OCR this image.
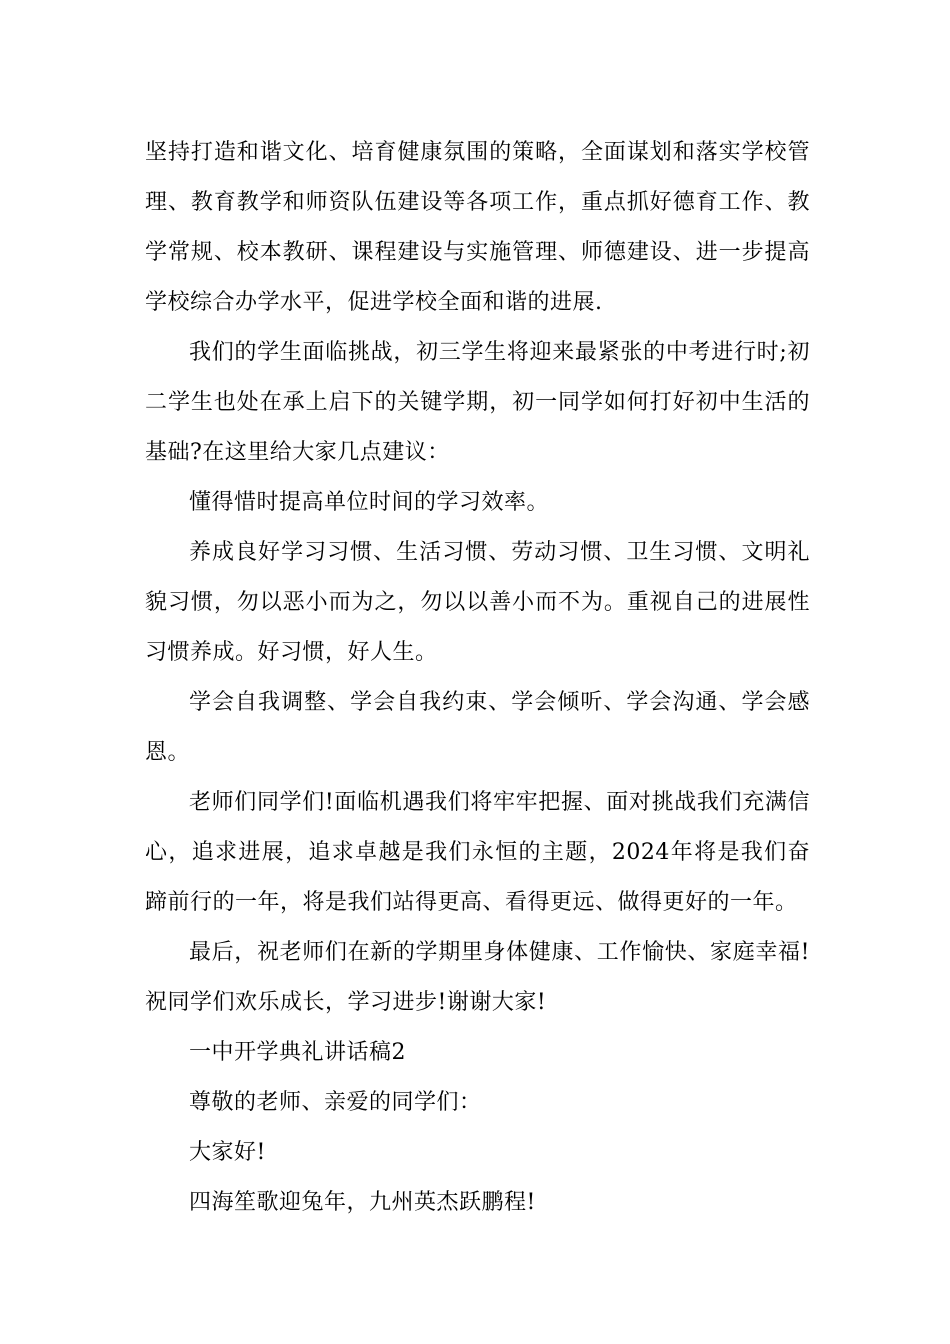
坚持打造和谐文化、培育健康氛围的策略，全面谋划和落实学校管理、教育教学和师资队伍建设等各项工作，重点抓好德育工作、教学常规、校本教研、课程建设与实施管理、师德建设、进一步提高学校综合办学水平，促进学校全面和谐的进展.

我们的学生面临挑战，初三学生将迎来最紧张的中考进行时;初二学生也处在承上启下的关键学期，初一同学如何打好初中生活的基础?在这里给大家几点建议：

懂得惜时提高单位时间的学习效率。

养成良好学习习惯、生活习惯、劳动习惯、卫生习惯、文明礼貌习惯，勿以恶小而为之，勿以以善小而不为。重视自己的进展性习惯养成。好习惯，好人生。

学会自我调整、学会自我约束、学会倾听、学会沟通、学会感恩。

老师们同学们!面临机遇我们将牢牢把握、面对挑战我们充满信心，追求进展，追求卓越是我们永恒的主题，2024年将是我们奋蹄前行的一年，将是我们站得更高、看得更远、做得更好的一年。

最后，祝老师们在新的学期里身体健康、工作愉快、家庭幸福!祝同学们欢乐成长，学习进步!谢谢大家!

一中开学典礼讲话稿2

尊敬的老师、亲爱的同学们：

大家好!

四海笙歌迎兔年，九州英杰跃鹏程!
